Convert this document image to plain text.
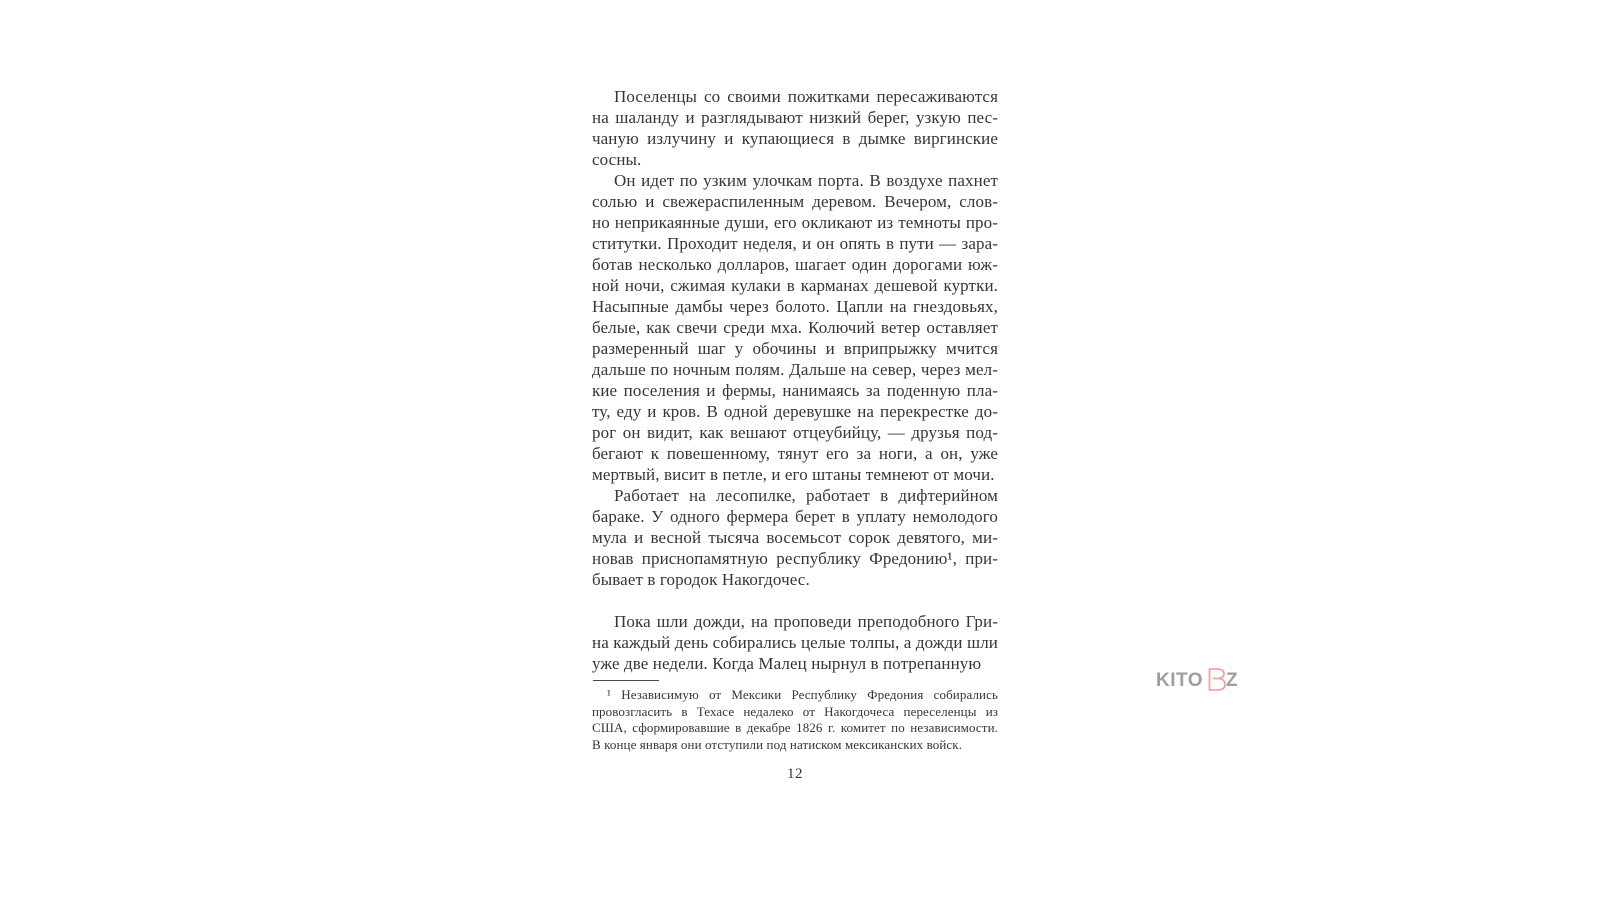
Поселенцы со своими пожитками пересаживаются
на шаланду и разглядывают низкий берег, узкую пес-
чаную излучину и купающиеся в дымке виргинские
сосны.
Он идет по узким улочкам порта. В воздухе пахнет
солью и свежераспиленным деревом. Вечером, слов-
но неприкаянные души, его окликают из темноты про-
ститутки. Проходит неделя, и он опять в пути — зара-
ботав несколько долларов, шагает один дорогами юж-
ной ночи, сжимая кулаки в карманах дешевой куртки.
Насыпные дамбы через болото. Цапли на гнездовьях,
белые, как свечи среди мха. Колючий ветер оставляет
размеренный шаг у обочины и вприпрыжку мчится
дальше по ночным полям. Дальше на север, через мел-
кие поселения и фермы, нанимаясь за поденную пла-
ту, еду и кров. В одной деревушке на перекрестке до-
рог он видит, как вешают отцеубийцу, — друзья под-
бегают к повешенному, тянут его за ноги, а он, уже
мертвый, висит в петле, и его штаны темнеют от мочи.
Работает на лесопилке, работает в дифтерийном
бараке. У одного фермера берет в уплату немолодого
мула и весной тысяча восемьсот сорок девятого, ми-
новав приснопамятную республику Фредонию¹, при-
бывает в городок Накогдочес.
Пока шли дожди, на проповеди преподобного Гри-
на каждый день собирались целые толпы, а дожди шли
уже две недели. Когда Малец нырнул в потрепанную
¹ Независимую от Мексики Республику Фредония собирались
провозгласить в Техасе недалеко от Накогдочеса переселенцы из
США, сформировавшие в декабре 1826 г. комитет по независимости.
В конце января они отступили под натиском мексиканских войск.
12
KITO Z
